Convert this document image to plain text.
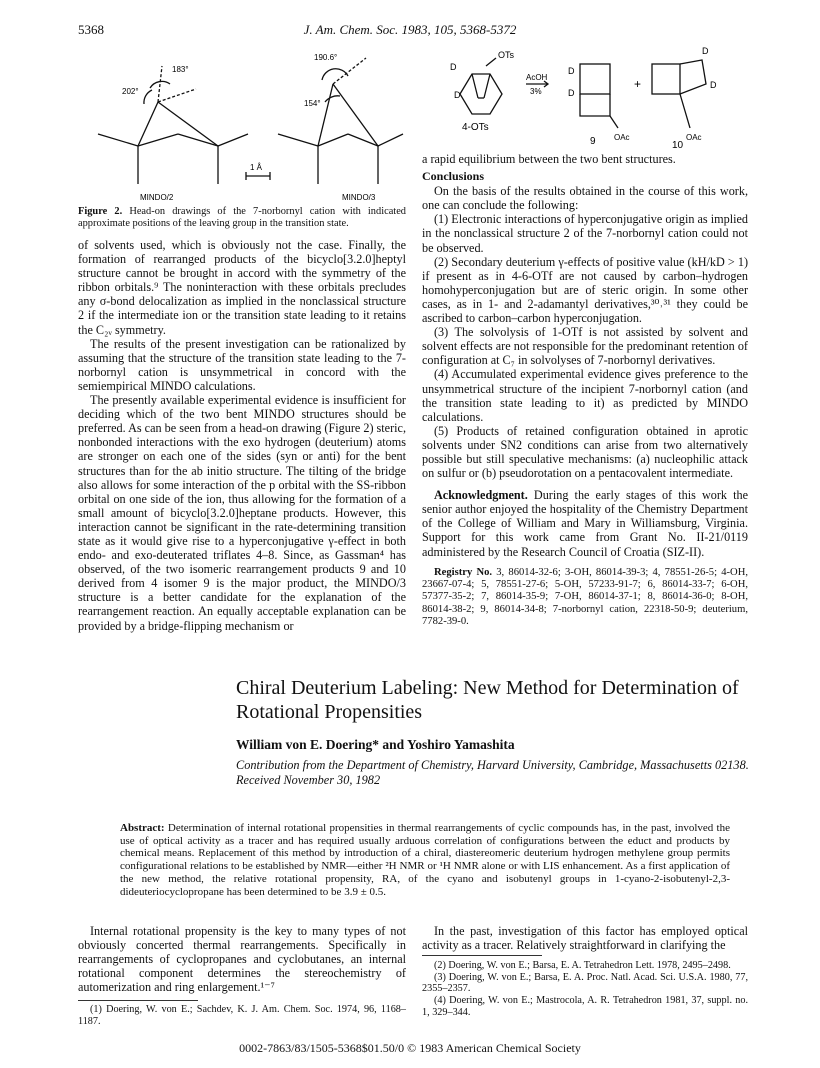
5368	J. Am. Chem. Soc. 1983, 105, 5368-5372
183°
202°
190.6°
154°
1 Å
MINDO/2	MINDO/3
OTs
D
D
AcOH
3%
D
D
+
D
D
4-OTs
OAc	OAc
9	10
Figure 2. Head-on drawings of the 7-norbornyl cation with indicated approximate positions of the leaving group in the transition state.

of solvents used, which is obviously not the case. Finally, the formation of rearranged products of the bicyclo[3.2.0]heptyl structure cannot be brought in accord with the symmetry of the ribbon orbitals.⁹ The noninteraction with these orbitals precludes any σ-bond delocalization as implied in the nonclassical structure 2 if the intermediate ion or the transition state leading to it retains the C₂ᵥ symmetry.

The results of the present investigation can be rationalized by assuming that the structure of the transition state leading to the 7-norbornyl cation is unsymmetrical in concord with the semiempirical MINDO calculations.

The presently available experimental evidence is insufficient for deciding which of the two bent MINDO structures should be preferred. As can be seen from a head-on drawing (Figure 2) steric, nonbonded interactions with the exo hydrogen (deuterium) atoms are stronger on each one of the sides (syn or anti) for the bent structures than for the ab initio structure. The tilting of the bridge also allows for some interaction of the p orbital with the SS-ribbon orbital on one side of the ion, thus allowing for the formation of a small amount of bicyclo[3.2.0]heptane products. However, this interaction cannot be significant in the rate-determining transition state as it would give rise to a hyperconjugative γ-effect in both endo- and exo-deuterated triflates 4–8. Since, as Gassman⁴ has observed, of the two isomeric rearrangement products 9 and 10 derived from 4 isomer 9 is the major product, the MINDO/3 structure is a better candidate for the explanation of the rearrangement reaction. An equally acceptable explanation can be provided by a bridge-flipping mechanism or

a rapid equilibrium between the two bent structures.

Conclusions

On the basis of the results obtained in the course of this work, one can conclude the following:

(1) Electronic interactions of hyperconjugative origin as implied in the nonclassical structure 2 of the 7-norbornyl cation could not be observed.

(2) Secondary deuterium γ-effects of positive value (kH/kD > 1) if present as in 4-6-OTf are not caused by carbon–hydrogen homohyperconjugation but are of steric origin. In some other cases, as in 1- and 2-adamantyl derivatives,³⁰˒³¹ they could be ascribed to carbon–carbon hyperconjugation.

(3) The solvolysis of 1-OTf is not assisted by solvent and solvent effects are not responsible for the predominant retention of configuration at C₇ in solvolyses of 7-norbornyl derivatives.

(4) Accumulated experimental evidence gives preference to the unsymmetrical structure of the incipient 7-norbornyl cation (and the transition state leading to it) as predicted by MINDO calculations.

(5) Products of retained configuration obtained in aprotic solvents under SN2 conditions can arise from two alternatively possible but still speculative mechanisms: (a) nucleophilic attack on sulfur or (b) pseudorotation on a pentacovalent intermediate.

Acknowledgment. During the early stages of this work the senior author enjoyed the hospitality of the Chemistry Department of the College of William and Mary in Williamsburg, Virginia. Support for this work came from Grant No. II-21/0119 administered by the Research Council of Croatia (SIZ-II).

Registry No. 3, 86014-32-6; 3-OH, 86014-39-3; 4, 78551-26-5; 4-OH, 23667-07-4; 5, 78551-27-6; 5-OH, 57233-91-7; 6, 86014-33-7; 6-OH, 57377-35-2; 7, 86014-35-9; 7-OH, 86014-37-1; 8, 86014-36-0; 8-OH, 86014-38-2; 9, 86014-34-8; 7-norbornyl cation, 22318-50-9; deuterium, 7782-39-0.

Chiral Deuterium Labeling: New Method for Determination of Rotational Propensities
William von E. Doering* and Yoshiro Yamashita
Contribution from the Department of Chemistry, Harvard University, Cambridge, Massachusetts 02138. Received November 30, 1982
Abstract: Determination of internal rotational propensities in thermal rearrangements of cyclic compounds has, in the past, involved the use of optical activity as a tracer and has required usually arduous correlation of configurations between the educt and products by chemical means. Replacement of this method by introduction of a chiral, diastereomeric deuterium hydrogen methylene group permits configurational relations to be established by NMR—either ²H NMR or ¹H NMR alone or with LIS enhancement. As a first application of the new method, the relative rotational propensity, RA, of the cyano and isobutenyl groups in 1-cyano-2-isobutenyl-2,3-dideuteriocyclopropane has been determined to be 3.9 ± 0.5.

Internal rotational propensity is the key to many types of not obviously concerted thermal rearrangements. Specifically in rearrangements of cyclopropanes and cyclobutanes, an internal rotational component determines the stereochemistry of automerization and ring enlargement.¹⁻⁷

In the past, investigation of this factor has employed optical activity as a tracer. Relatively straightforward in clarifying the

(1) Doering, W. von E.; Sachdev, K. J. Am. Chem. Soc. 1974, 96, 1168–1187.
(2) Doering, W. von E.; Barsa, E. A. Tetrahedron Lett. 1978, 2495–2498.
(3) Doering, W. von E.; Barsa, E. A. Proc. Natl. Acad. Sci. U.S.A. 1980, 77, 2355–2357.
(4) Doering, W. von E.; Mastrocola, A. R. Tetrahedron 1981, 37, suppl. no. 1, 329–344.
0002-7863/83/1505-5368$01.50/0 © 1983 American Chemical Society
